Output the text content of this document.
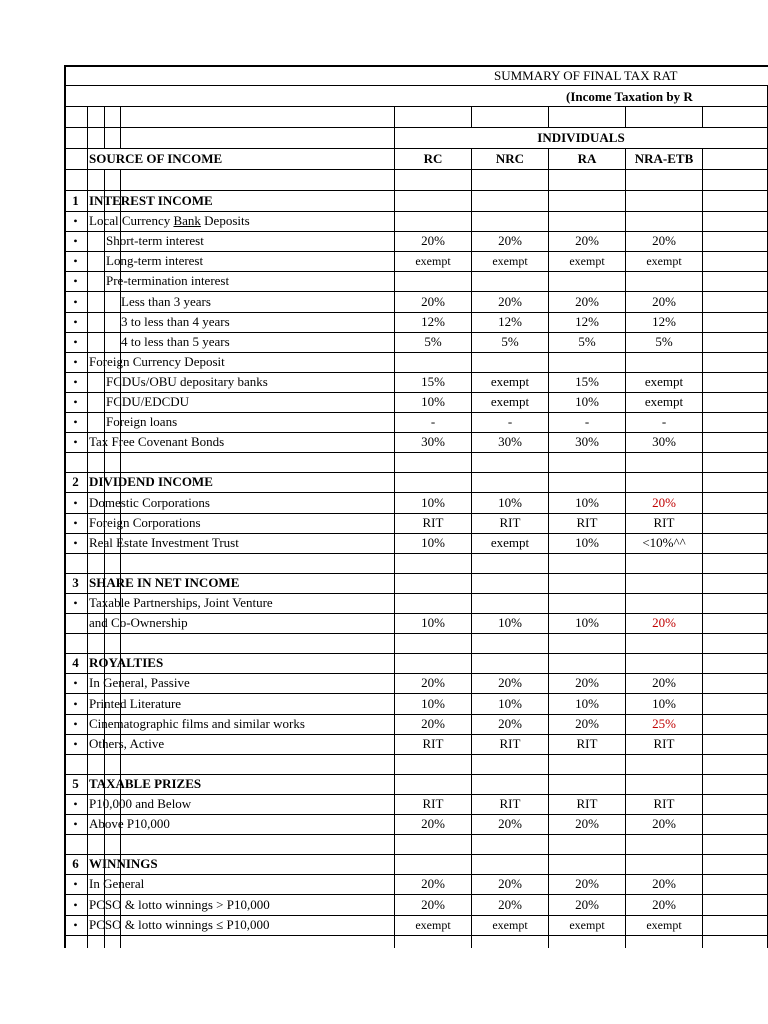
SUMMARY OF FINAL TAX RAT
(Income Taxation by R
INDIVIDUALS
SOURCE OF INCOME	RC	NRC	RA	NRA-ETB
1 INTEREST INCOME
• Local Currency Bank Deposits
•	Short-term interest	20%	20%	20%	20%
•	Long-term interest	exempt	exempt	exempt	exempt
•	Pre-termination interest
•	Less than 3 years	20%	20%	20%	20%
•	3 to less than 4 years	12%	12%	12%	12%
•	4 to less than 5 years	5%	5%	5%	5%
• Foreign Currency Deposit
•	FCDUs/OBU depositary banks	15%	exempt	15%	exempt
•	FCDU/EDCDU	10%	exempt	10%	exempt
•	Foreign loans	-	-	-	-
• Tax Free Covenant Bonds	30%	30%	30%	30%
2 DIVIDEND INCOME
• Domestic Corporations	10%	10%	10%	20%
• Foreign Corporations	RIT	RIT	RIT	RIT
• Real Estate Investment Trust	10%	exempt	10%	<10%^^
3 SHARE IN NET INCOME
• Taxable Partnerships, Joint Venture
and Co-Ownership	10%	10%	10%	20%
4 ROYALTIES
• In General, Passive	20%	20%	20%	20%
• Printed Literature	10%	10%	10%	10%
• Cinematographic films and similar works	20%	20%	20%	25%
• Others, Active	RIT	RIT	RIT	RIT
5 TAXABLE PRIZES
• P10,000 and Below	RIT	RIT	RIT	RIT
• Above P10,000	20%	20%	20%	20%
6 WINNINGS
• In General	20%	20%	20%	20%
• PCSO & lotto winnings > P10,000	20%	20%	20%	20%
• PCSO & lotto winnings ≤ P10,000	exempt	exempt	exempt	exempt
